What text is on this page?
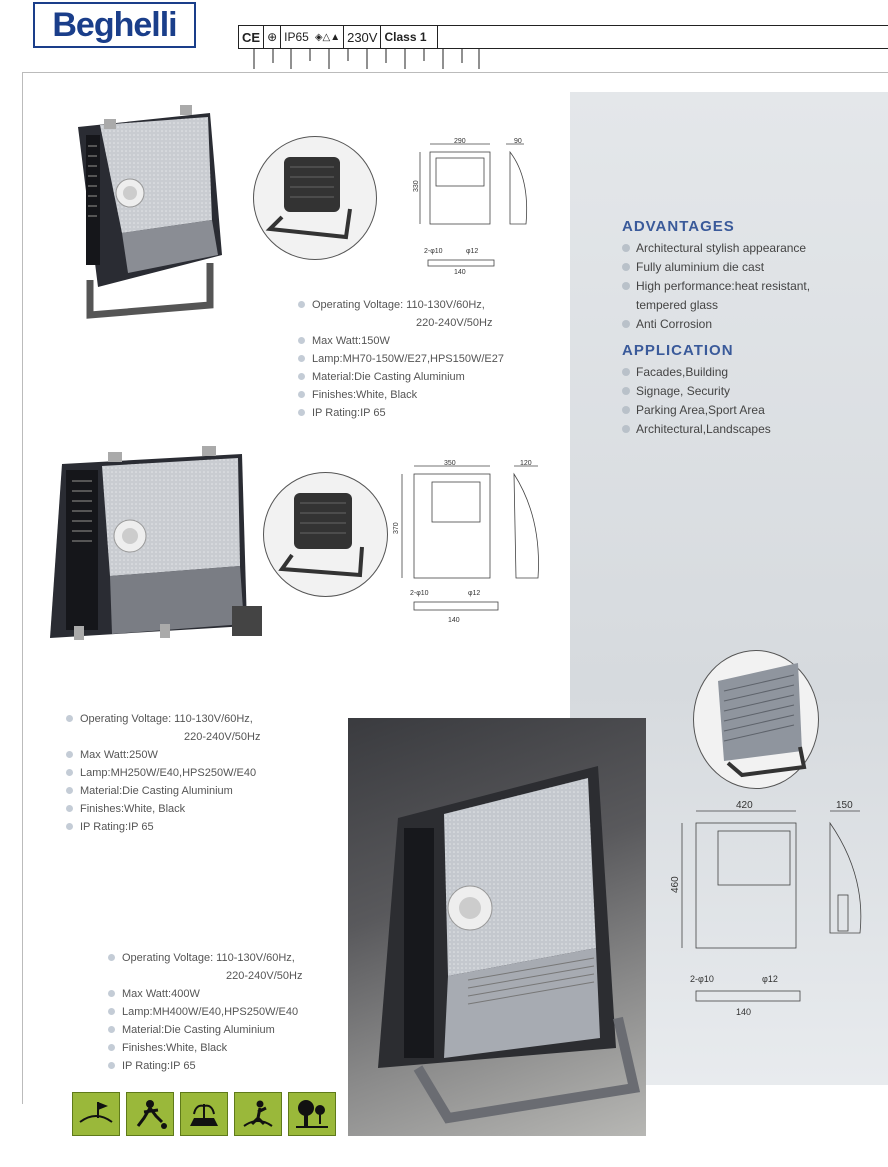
Beghelli	CE ⊕ IP65 ◈△▲ 230V Class 1
ADVANTAGES
Architectural stylish appearance
Fully aluminium die cast
High performance:heat resistant,
tempered glass
Anti Corrosion
APPLICATION
Facades,Building
Signage, Security
Parking Area,Sport Area
Architectural,Landscapes
290
330
90
2-φ10	φ12
140
Operating Voltage: 110-130V/60Hz,
220-240V/50Hz
Max Watt:150W
Lamp:MH70-150W/E27,HPS150W/E27
Material:Die Casting Aluminium
Finishes:White, Black
IP Rating:IP 65
350
370
120
2-φ10	φ12
140
Operating Voltage: 110-130V/60Hz,
220-240V/50Hz
Max Watt:250W
Lamp:MH250W/E40,HPS250W/E40
Material:Die Casting Aluminium
Finishes:White, Black
IP Rating:IP 65
420
460
150
2-φ10	φ12
140
Operating Voltage: 110-130V/60Hz,
220-240V/50Hz
Max Watt:400W
Lamp:MH400W/E40,HPS250W/E40
Material:Die Casting Aluminium
Finishes:White, Black
IP Rating:IP 65
